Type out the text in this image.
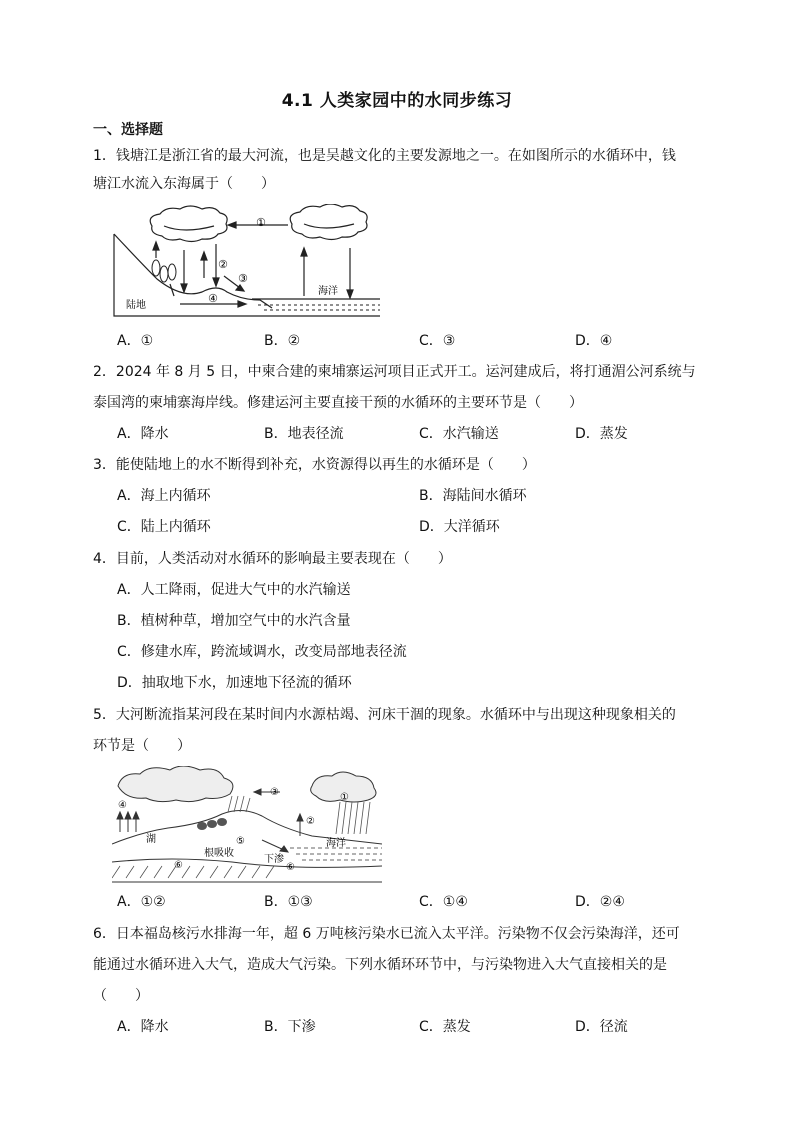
4.1 人类家园中的水同步练习
一、选择题
1．钱塘江是浙江省的最大河流，也是吴越文化的主要发源地之一。在如图所示的水循环中，钱
塘江水流入东海属于（　　）
①
②
③
④
陆地
海洋
A．①	B．②	C．③	D．④
2．2024 年 8 月 5 日，中柬合建的柬埔寨运河项目正式开工。运河建成后，将打通湄公河系统与
泰国湾的柬埔寨海岸线。修建运河主要直接干预的水循环的主要环节是（　　）
A．降水	B．地表径流	C．水汽输送	D．蒸发
3．能使陆地上的水不断得到补充，水资源得以再生的水循环是（　　）
A．海上内循环	B．海陆间水循环
C．陆上内循环	D．大洋循环
4．目前，人类活动对水循环的影响最主要表现在（　　）
A．人工降雨，促进大气中的水汽输送
B．植树种草，增加空气中的水汽含量
C．修建水库，跨流域调水，改变局部地表径流
D．抽取地下水，加速地下径流的循环
5．大河断流指某河段在某时间内水源枯竭、河床干涸的现象。水循环中与出现这种现象相关的
环节是（　　）
③
②
①
④
⑤
⑥	⑥
湖
根吸收
下渗
海洋
A．①②	B．①③	C．①④	D．②④
6．日本福岛核污水排海一年，超 6 万吨核污染水已流入太平洋。污染物不仅会污染海洋，还可
能通过水循环进入大气，造成大气污染。下列水循环环节中，与污染物进入大气直接相关的是
（　　）
A．降水	B．下渗	C．蒸发	D．径流
